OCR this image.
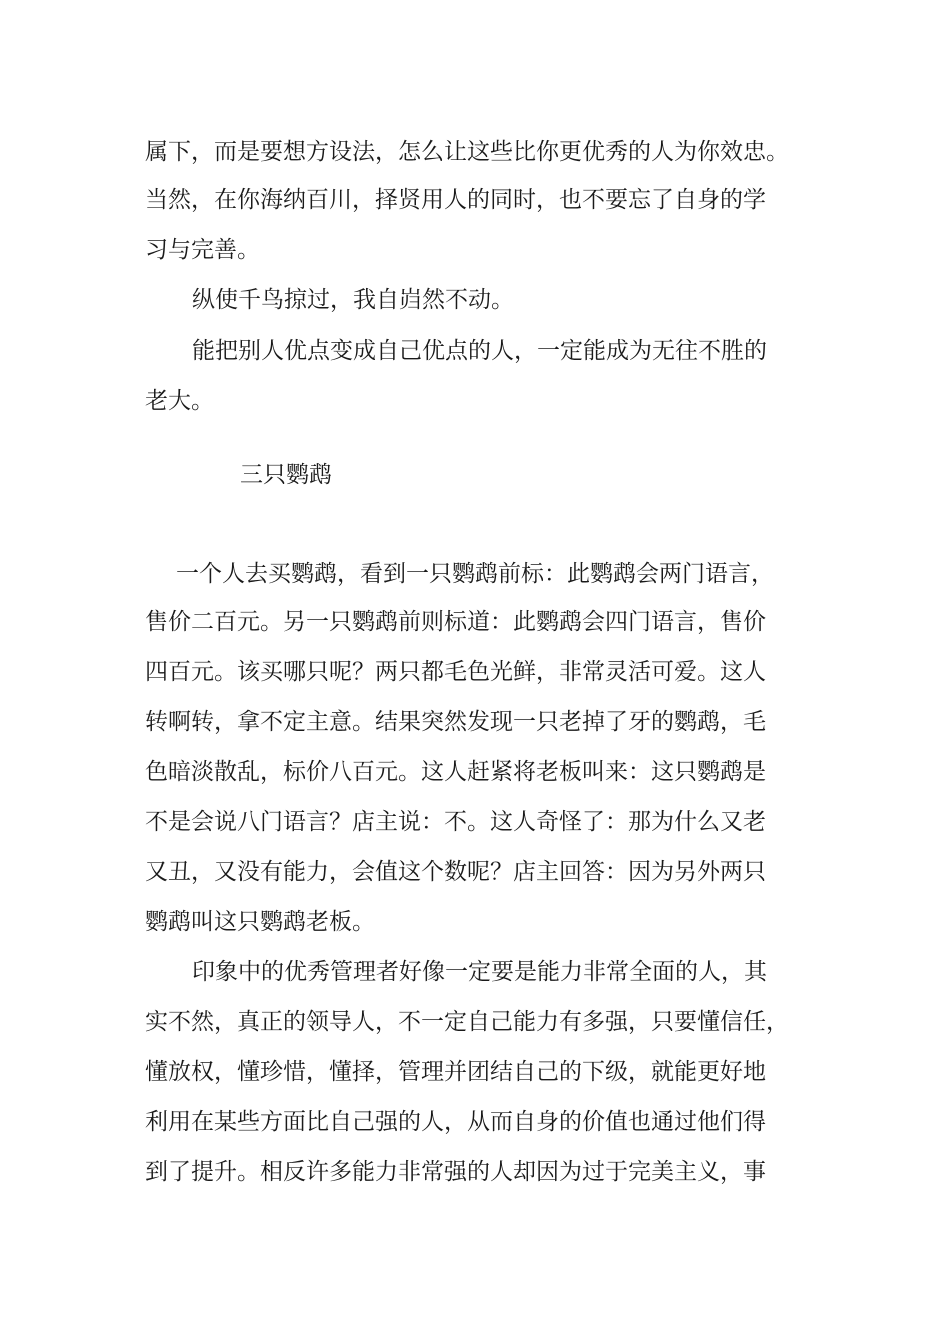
属下，而是要想方设法，怎么让这些比你更优秀的人为你效忠。
当然，在你海纳百川，择贤用人的同时，也不要忘了自身的学
习与完善。
纵使千鸟掠过，我自岿然不动。
能把别人优点变成自己优点的人，一定能成为无往不胜的
老大。
三只鹦鹉
一个人去买鹦鹉，看到一只鹦鹉前标：此鹦鹉会两门语言，
售价二百元。另一只鹦鹉前则标道：此鹦鹉会四门语言，售价
四百元。该买哪只呢？两只都毛色光鲜，非常灵活可爱。这人
转啊转，拿不定主意。结果突然发现一只老掉了牙的鹦鹉，毛
色暗淡散乱，标价八百元。这人赶紧将老板叫来：这只鹦鹉是
不是会说八门语言？店主说：不。这人奇怪了：那为什么又老
又丑，又没有能力，会值这个数呢？店主回答：因为另外两只
鹦鹉叫这只鹦鹉老板。
印象中的优秀管理者好像一定要是能力非常全面的人，其
实不然，真正的领导人，不一定自己能力有多强，只要懂信任，
懂放权，懂珍惜，懂择，管理并团结自己的下级，就能更好地
利用在某些方面比自己强的人，从而自身的价值也通过他们得
到了提升。相反许多能力非常强的人却因为过于完美主义，事
